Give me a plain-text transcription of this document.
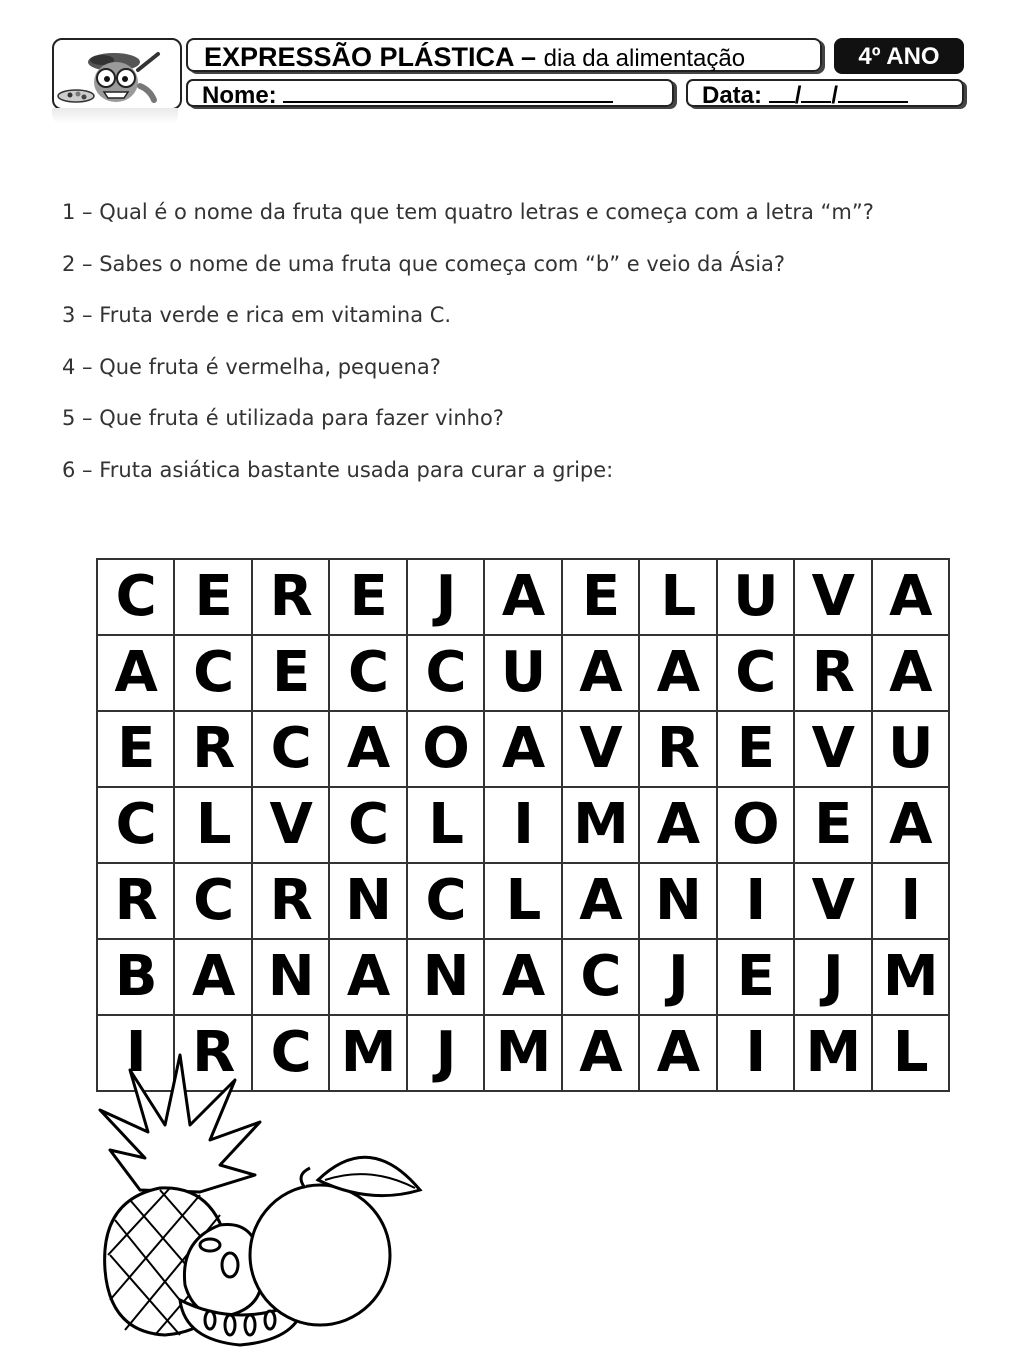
EXPRESSÃO PLÁSTICA – dia da alimentação	4º ANO
Nome:	Data: / /
1 – Qual é o nome da fruta que tem quatro letras e começa com a letra “m”?
2 – Sabes o nome de uma fruta que começa com “b” e veio da Ásia?
3 – Fruta verde e rica em vitamina C.
4 – Que fruta é vermelha, pequena?
5 – Que fruta é utilizada para fazer vinho?
6 – Fruta asiática bastante usada para curar a gripe:
C	E	R	E	J	A	E	L	U	V	A
A	C	E	C	C	U	A	A	C	R	A
E	R	C	A	O	A	V	R	E	V	U
C	L	V	C	L	I	M	A	O	E	A
R	C	R	N	C	L	A	N	I	V	I
B	A	N	A	N	A	C	J	E	J	M
I	R	C	M	J	M	A	A	I	M	L
